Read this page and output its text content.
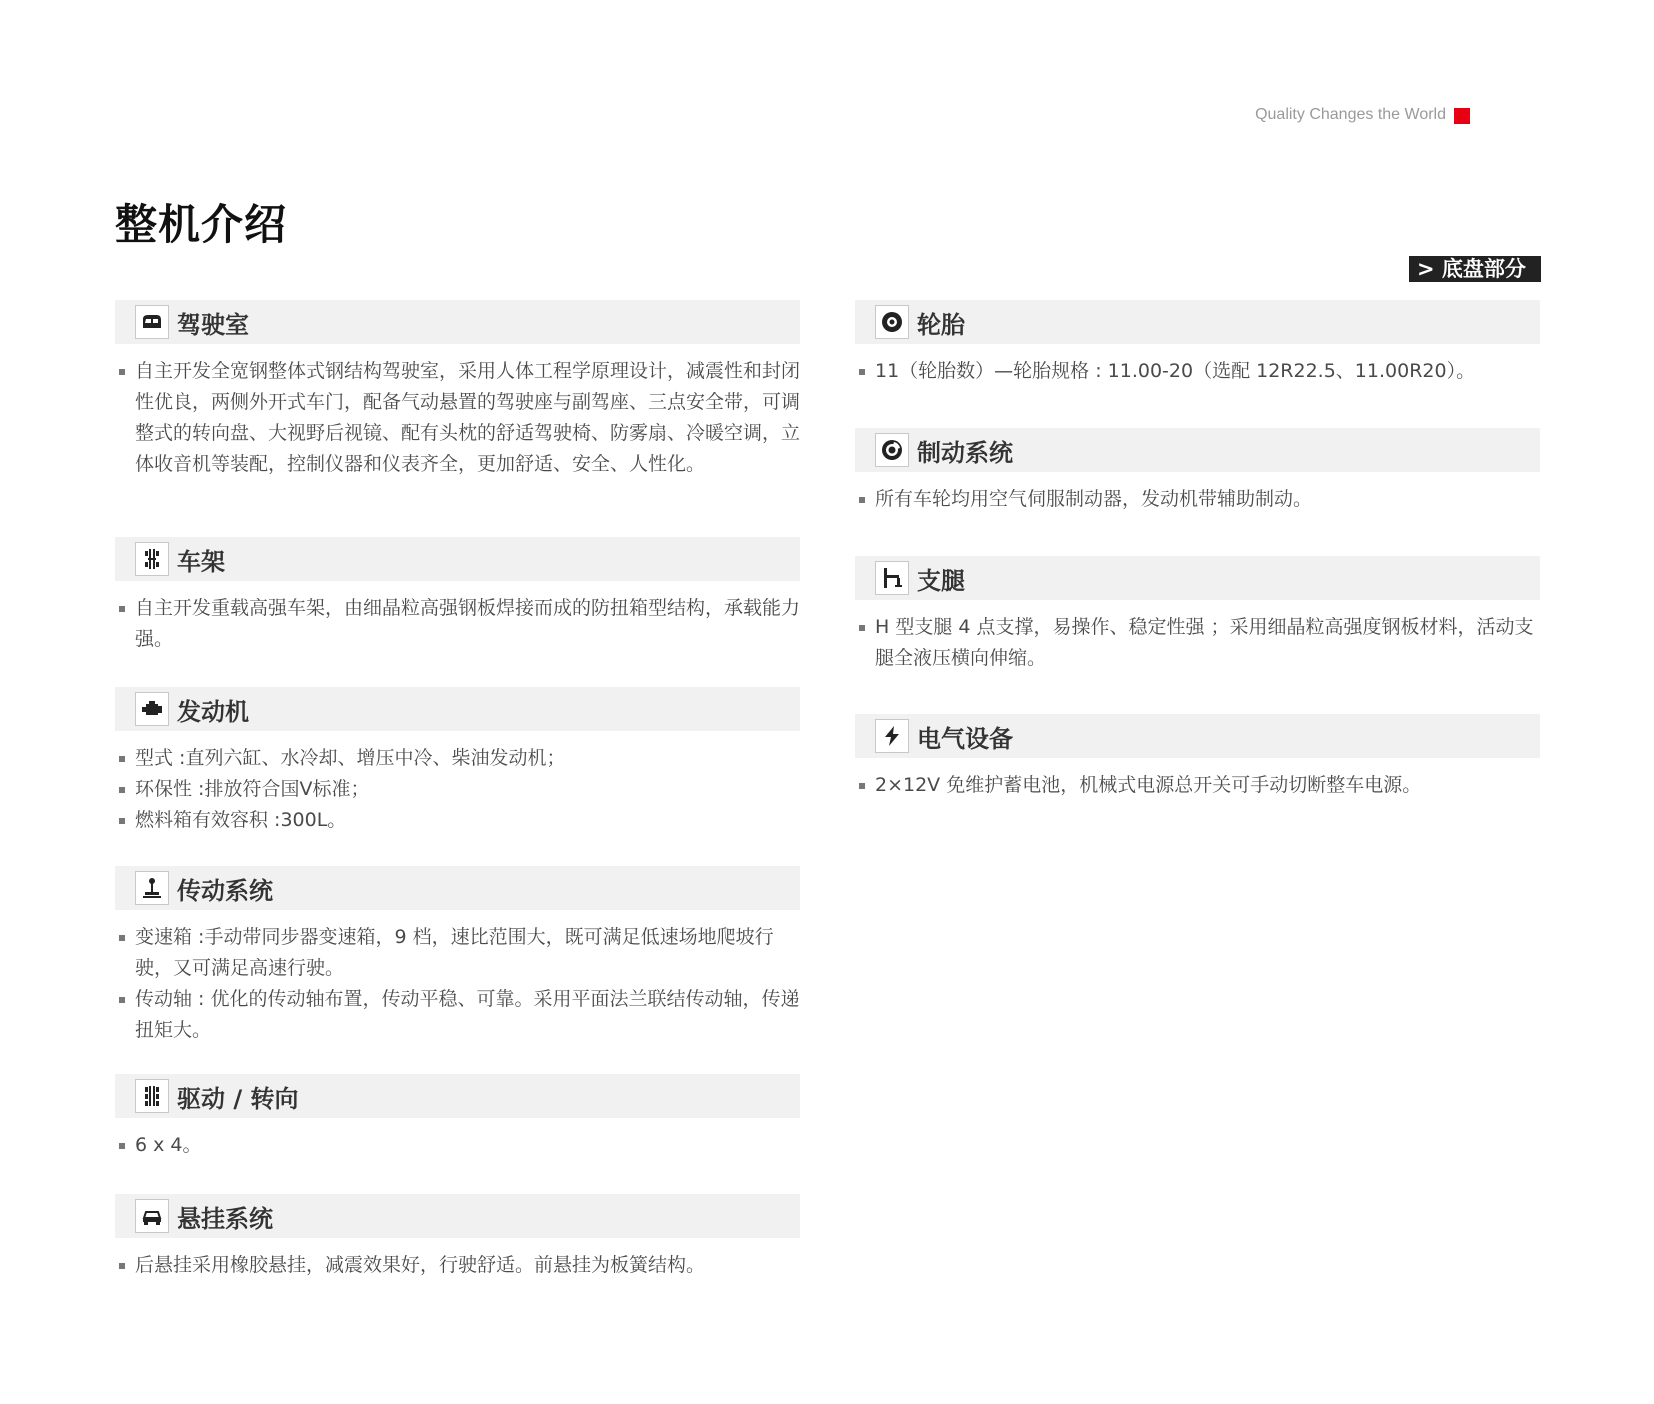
Quality Changes the World
整机介绍
> 底盘部分
驾驶室

自主开发全宽钢整体式钢结构驾驶室，采用人体工程学原理设计，减震性和封闭性优良，两侧外开式车门，配备气动悬置的驾驶座与副驾座、三点安全带，可调整式的转向盘、大视野后视镜、配有头枕的舒适驾驶椅、防雾扇、冷暖空调，立体收音机等装配，控制仪器和仪表齐全，更加舒适、安全、人性化。

车架

自主开发重载高强车架，由细晶粒高强钢板焊接而成的防扭箱型结构，承载能力强。

发动机

型式 :直列六缸、水冷却、增压中冷、柴油发动机；

环保性 :排放符合国Ⅴ标准；

燃料箱有效容积 :300L。

传动系统

变速箱 :手动带同步器变速箱，9 档，速比范围大，既可满足低速场地爬坡行驶，又可满足高速行驶。

传动轴 : 优化的传动轴布置，传动平稳、可靠。采用平面法兰联结传动轴，传递扭矩大。

驱动 / 转向

6 x 4。

悬挂系统

后悬挂采用橡胶悬挂，减震效果好，行驶舒适。前悬挂为板簧结构。

轮胎

11（轮胎数）—轮胎规格 : 11.00-20（选配 12R22.5、11.00R20）。

制动系统

所有车轮均用空气伺服制动器，发动机带辅助制动。

支腿

H 型支腿 4 点支撑，易操作、稳定性强 ；采用细晶粒高强度钢板材料，活动支腿全液压横向伸缩。

电气设备

2×12V 免维护蓄电池，机械式电源总开关可手动切断整车电源。
